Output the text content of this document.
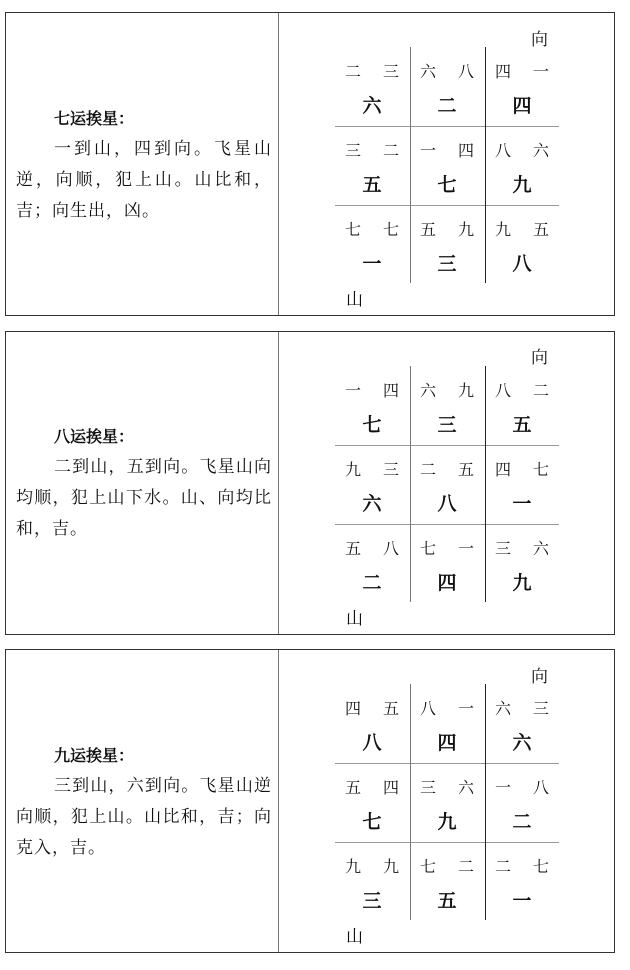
七运挨星：
一到山，四到向。飞星山逆，向顺，犯上山。山比和，吉；向生出，凶。
向
山
二 三
六
六 八
二
四 一
四
三 二
五
一 四
七
八 六
九
七 七
一
五 九
三
九 五
八
八运挨星：
二到山，五到向。飞星山向均顺，犯上山下水。山、向均比和，吉。
向
山
一 四
七
六 九
三
八 二
五
九 三
六
二 五
八
四 七
一
五 八
二
七 一
四
三 六
九
九运挨星：
三到山，六到向。飞星山逆向顺，犯上山。山比和，吉；向克入，吉。
向
山
四 五
八
八 一
四
六 三
六
五 四
七
三 六
九
一 八
二
九 九
三
七 二
五
二 七
一
